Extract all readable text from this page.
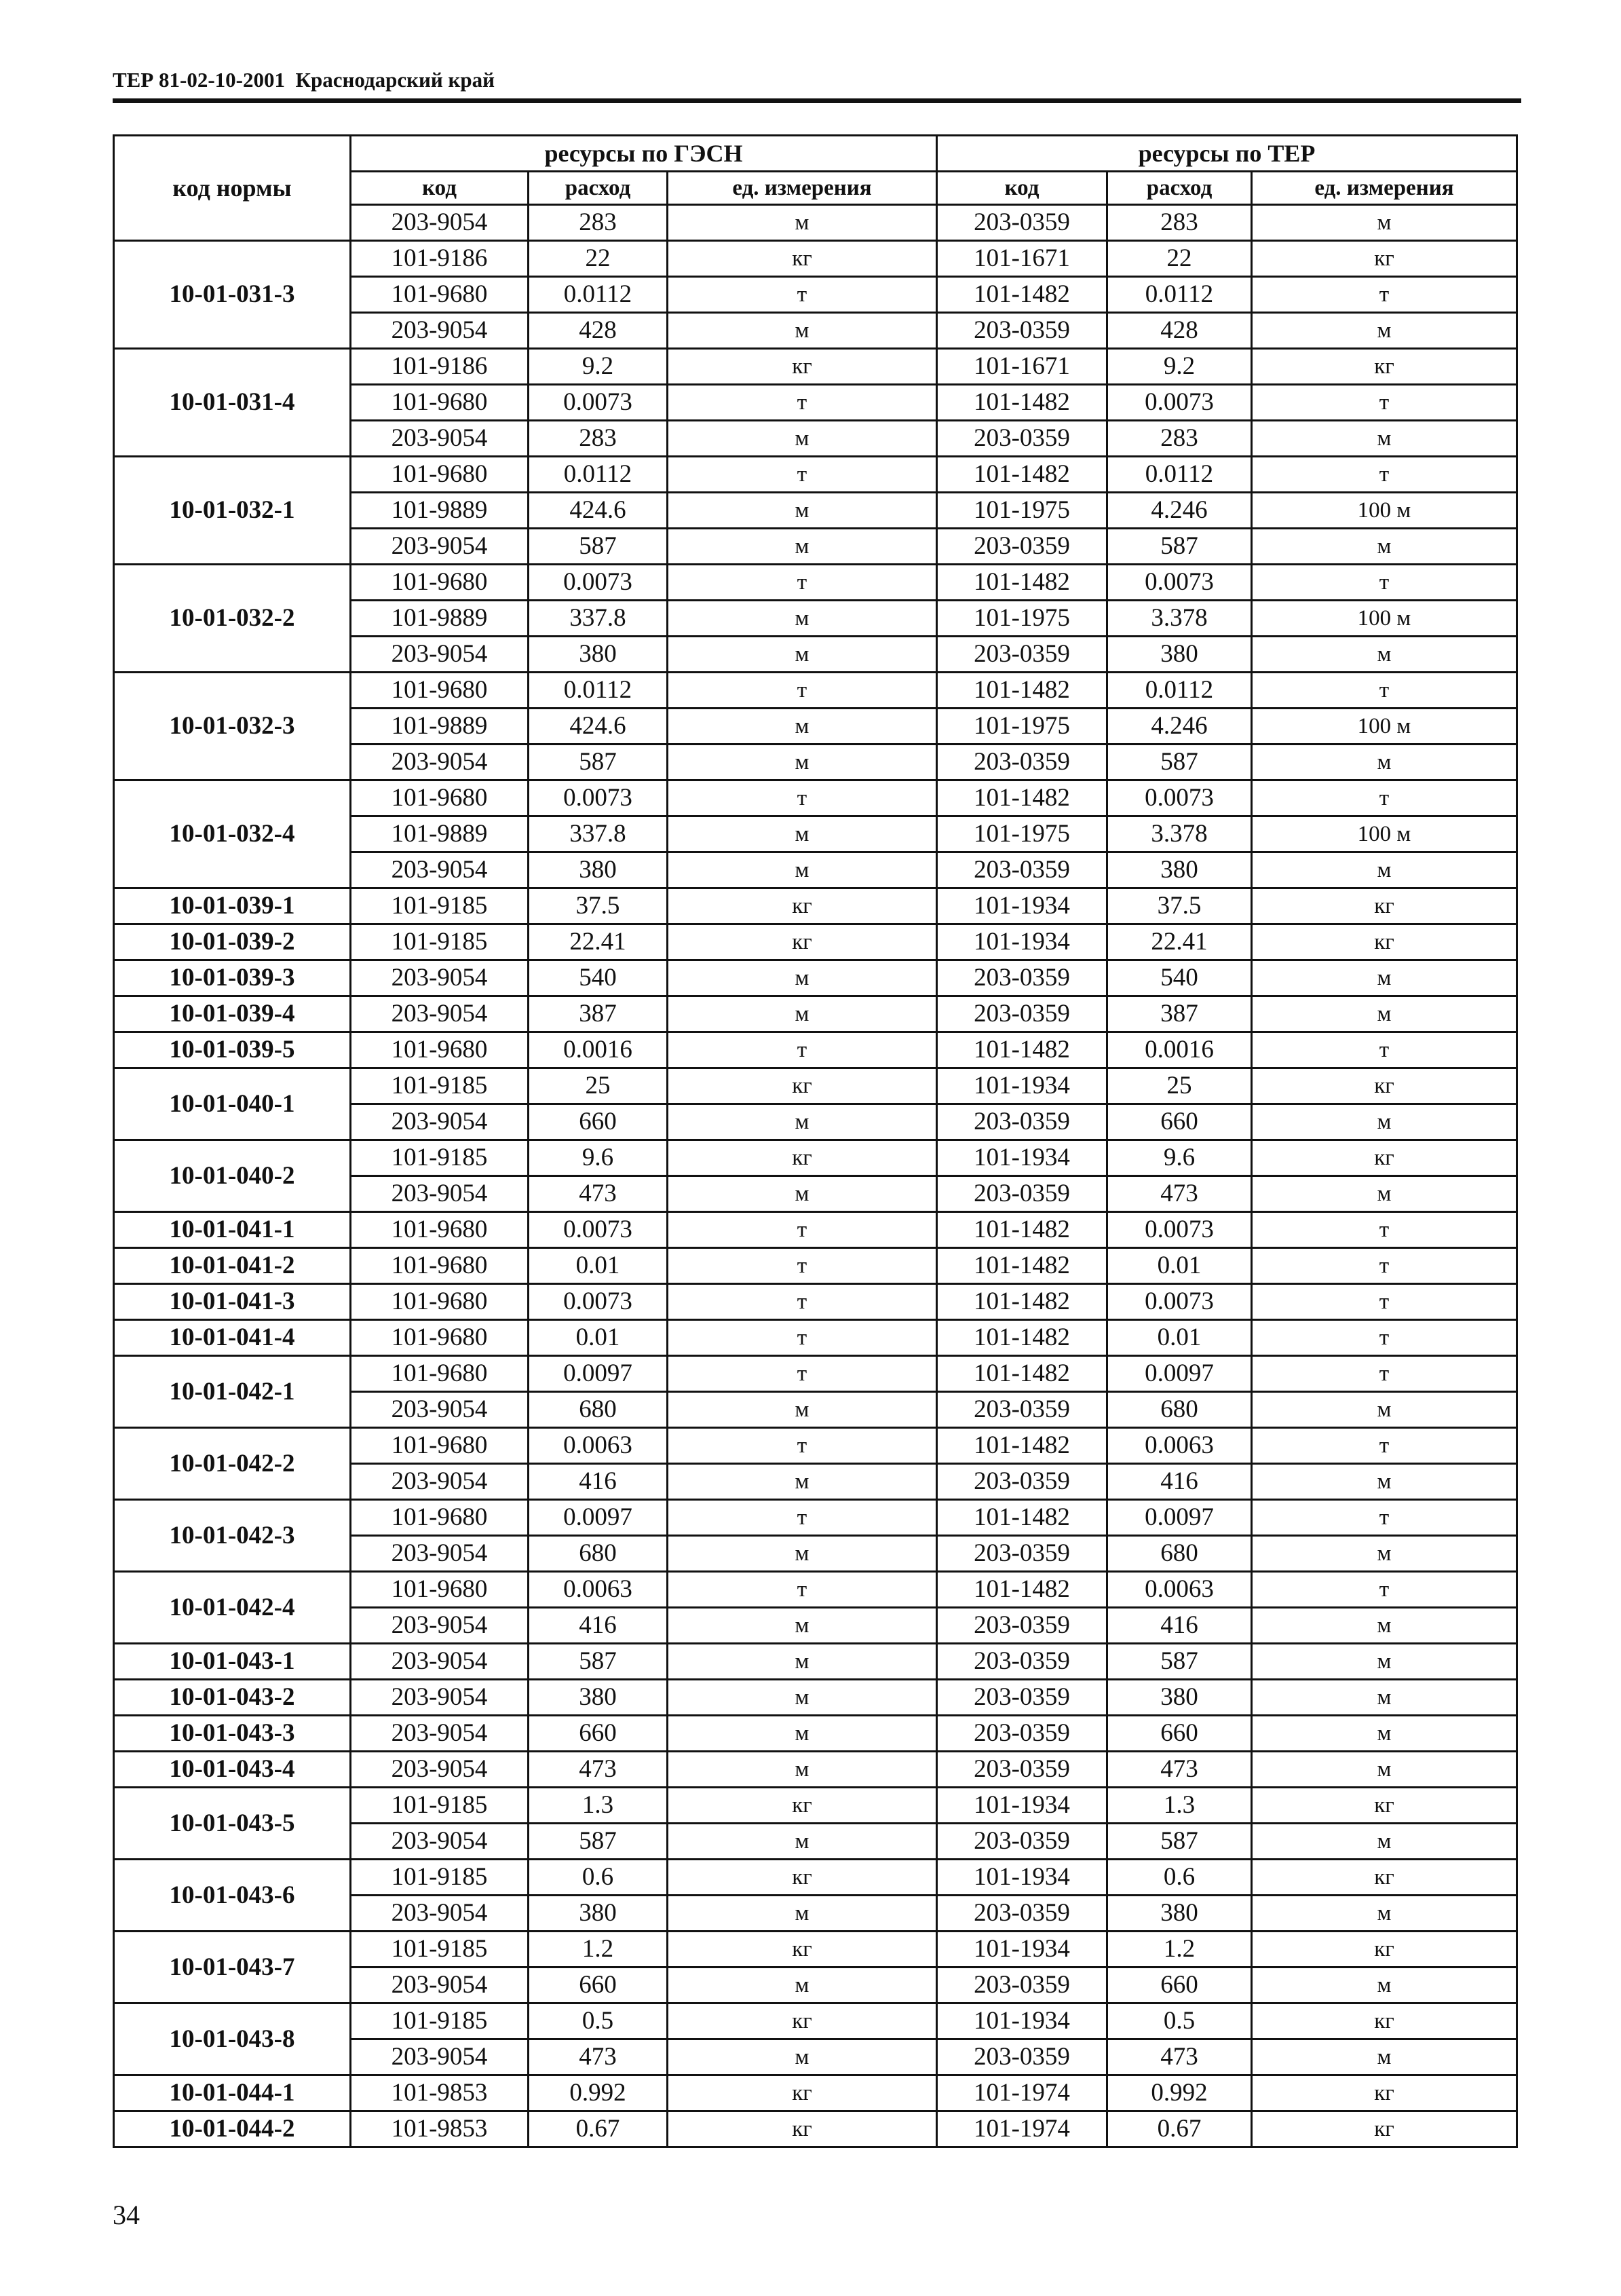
ТЕР 81-02-10-2001  Краснодарский край
код нормы	ресурсы по ГЭСН			ресурсы по ТЕР		
	код	расход	ед. измерения	код	расход	ед. измерения
	203-9054	283	м	203-0359	283	м
10-01-031-3	101-9186	22	кг	101-1671	22	кг
	101-9680	0.0112	т	101-1482	0.0112	т
	203-9054	428	м	203-0359	428	м
10-01-031-4	101-9186	9.2	кг	101-1671	9.2	кг
	101-9680	0.0073	т	101-1482	0.0073	т
	203-9054	283	м	203-0359	283	м
10-01-032-1	101-9680	0.0112	т	101-1482	0.0112	т
	101-9889	424.6	м	101-1975	4.246	100 м
	203-9054	587	м	203-0359	587	м
10-01-032-2	101-9680	0.0073	т	101-1482	0.0073	т
	101-9889	337.8	м	101-1975	3.378	100 м
	203-9054	380	м	203-0359	380	м
10-01-032-3	101-9680	0.0112	т	101-1482	0.0112	т
	101-9889	424.6	м	101-1975	4.246	100 м
	203-9054	587	м	203-0359	587	м
10-01-032-4	101-9680	0.0073	т	101-1482	0.0073	т
	101-9889	337.8	м	101-1975	3.378	100 м
	203-9054	380	м	203-0359	380	м
10-01-039-1	101-9185	37.5	кг	101-1934	37.5	кг
10-01-039-2	101-9185	22.41	кг	101-1934	22.41	кг
10-01-039-3	203-9054	540	м	203-0359	540	м
10-01-039-4	203-9054	387	м	203-0359	387	м
10-01-039-5	101-9680	0.0016	т	101-1482	0.0016	т
10-01-040-1	101-9185	25	кг	101-1934	25	кг
	203-9054	660	м	203-0359	660	м
10-01-040-2	101-9185	9.6	кг	101-1934	9.6	кг
	203-9054	473	м	203-0359	473	м
10-01-041-1	101-9680	0.0073	т	101-1482	0.0073	т
10-01-041-2	101-9680	0.01	т	101-1482	0.01	т
10-01-041-3	101-9680	0.0073	т	101-1482	0.0073	т
10-01-041-4	101-9680	0.01	т	101-1482	0.01	т
10-01-042-1	101-9680	0.0097	т	101-1482	0.0097	т
	203-9054	680	м	203-0359	680	м
10-01-042-2	101-9680	0.0063	т	101-1482	0.0063	т
	203-9054	416	м	203-0359	416	м
10-01-042-3	101-9680	0.0097	т	101-1482	0.0097	т
	203-9054	680	м	203-0359	680	м
10-01-042-4	101-9680	0.0063	т	101-1482	0.0063	т
	203-9054	416	м	203-0359	416	м
10-01-043-1	203-9054	587	м	203-0359	587	м
10-01-043-2	203-9054	380	м	203-0359	380	м
10-01-043-3	203-9054	660	м	203-0359	660	м
10-01-043-4	203-9054	473	м	203-0359	473	м
10-01-043-5	101-9185	1.3	кг	101-1934	1.3	кг
	203-9054	587	м	203-0359	587	м
10-01-043-6	101-9185	0.6	кг	101-1934	0.6	кг
	203-9054	380	м	203-0359	380	м
10-01-043-7	101-9185	1.2	кг	101-1934	1.2	кг
	203-9054	660	м	203-0359	660	м
10-01-043-8	101-9185	0.5	кг	101-1934	0.5	кг
	203-9054	473	м	203-0359	473	м
10-01-044-1	101-9853	0.992	кг	101-1974	0.992	кг
10-01-044-2	101-9853	0.67	кг	101-1974	0.67	кг
34
